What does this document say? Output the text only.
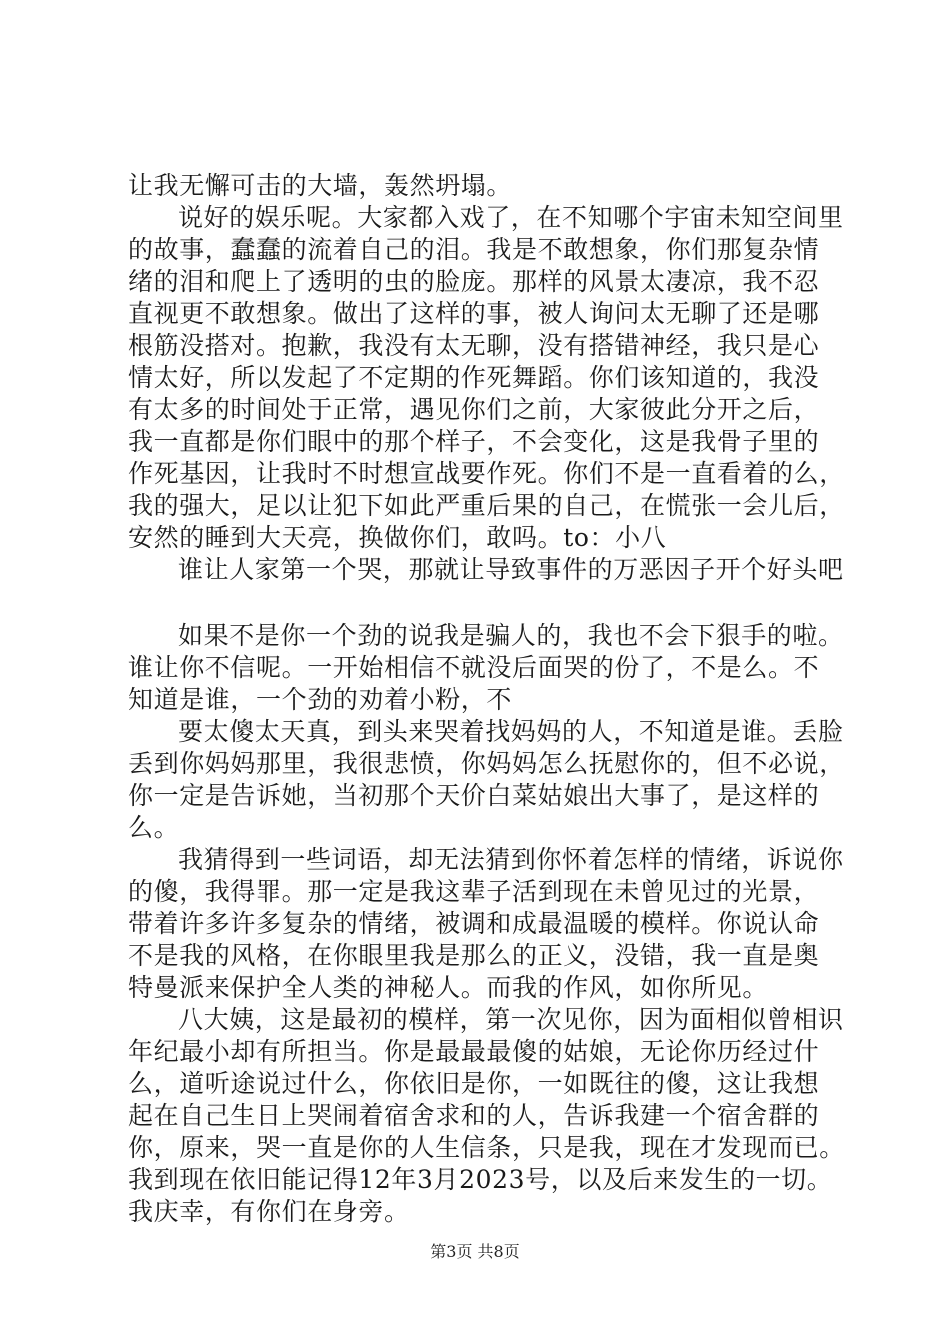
让我无懈可击的大墙，轰然坍塌。
说好的娱乐呢。大家都入戏了，在不知哪个宇宙未知空间里
的故事，蠢蠢的流着自己的泪。我是不敢想象，你们那复杂情
绪的泪和爬上了透明的虫的脸庞。那样的风景太凄凉，我不忍
直视更不敢想象。做出了这样的事，被人询问太无聊了还是哪
根筋没搭对。抱歉，我没有太无聊，没有搭错神经，我只是心
情太好，所以发起了不定期的作死舞蹈。你们该知道的，我没
有太多的时间处于正常，遇见你们之前，大家彼此分开之后，
我一直都是你们眼中的那个样子，不会变化，这是我骨子里的
作死基因，让我时不时想宣战要作死。你们不是一直看着的么，
我的强大，足以让犯下如此严重后果的自己，在慌张一会儿后，
安然的睡到大天亮，换做你们，敢吗。to：小八
谁让人家第一个哭，那就让导致事件的万恶因子开个好头吧
如果不是你一个劲的说我是骗人的，我也不会下狠手的啦。
谁让你不信呢。一开始相信不就没后面哭的份了，不是么。不
知道是谁，一个劲的劝着小粉，不
要太傻太天真，到头来哭着找妈妈的人，不知道是谁。丢脸
丢到你妈妈那里，我很悲愤，你妈妈怎么抚慰你的，但不必说，
你一定是告诉她，当初那个天价白菜姑娘出大事了，是这样的
么。
我猜得到一些词语，却无法猜到你怀着怎样的情绪，诉说你
的傻，我得罪。那一定是我这辈子活到现在未曾见过的光景，
带着许多许多复杂的情绪，被调和成最温暖的模样。你说认命
不是我的风格，在你眼里我是那么的正义，没错，我一直是奥
特曼派来保护全人类的神秘人。而我的作风，如你所见。
八大姨，这是最初的模样，第一次见你，因为面相似曾相识
年纪最小却有所担当。你是最最最傻的姑娘，无论你历经过什
么，道听途说过什么，你依旧是你，一如既往的傻，这让我想
起在自己生日上哭闹着宿舍求和的人，告诉我建一个宿舍群的
你，原来，哭一直是你的人生信条，只是我，现在才发现而已。
我到现在依旧能记得12年3月2023号，以及后来发生的一切。
我庆幸，有你们在身旁。
第3页 共8页
